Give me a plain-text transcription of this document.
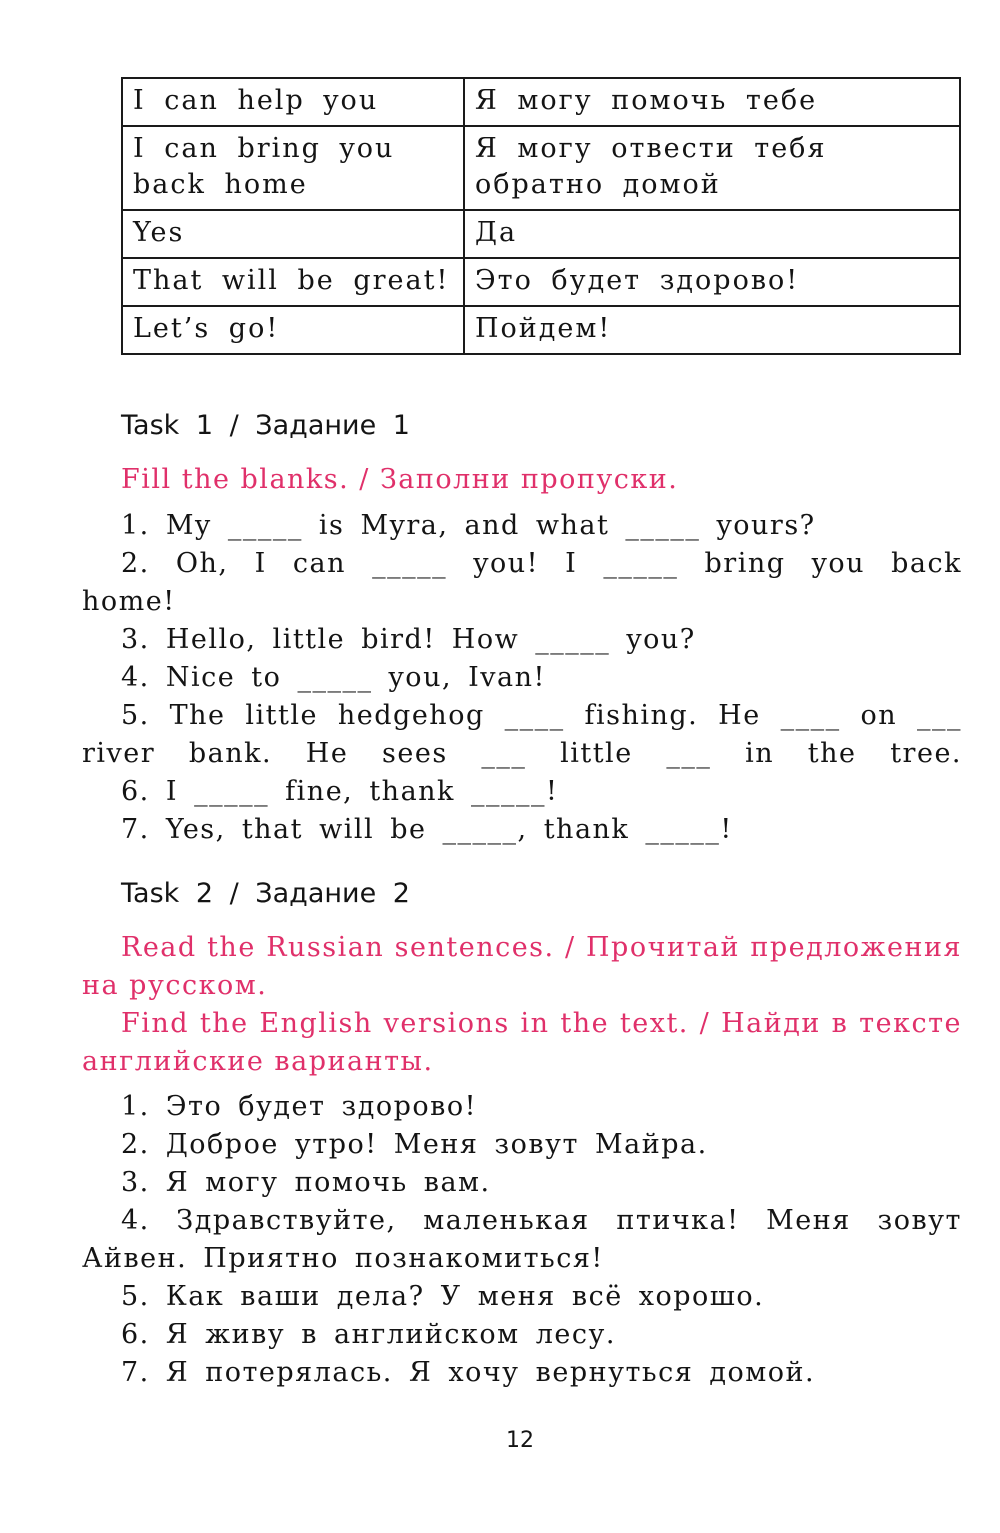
I can help you	Я могу помочь тебе
I can bring you back home	Я могу отвести тебя обратно домой
Yes	Да
That will be great!	Это будет здорово!
Let’s go!	Пойдем!
Task 1 / Задание 1
Fill the blanks. / Заполни пропуски.
1. My _____ is Myra, and what _____ yours?
2. Oh, I can _____ you! I _____ bring you back home!
3. Hello, little bird! How _____ you?
4. Nice to _____ you, Ivan!
5. The little hedgehog ____ fishing. He ____ on ___ river bank. He sees ___ little ___ in the tree.
6. I _____ fine, thank _____!
7. Yes, that will be _____, thank _____!
Task 2 / Задание 2
Read the Russian sentences. / Прочитай предложения на русском.
Find the English versions in the text. / Найди в тексте английские варианты.
1. Это будет здорово!
2. Доброе утро! Меня зовут Майра.
3. Я могу помочь вам.
4. Здравствуйте, маленькая птичка! Меня зовут Айвен. Приятно познакомиться!
5. Как ваши дела? У меня всё хорошо.
6. Я живу в английском лесу.
7. Я потерялась. Я хочу вернуться домой.
12
